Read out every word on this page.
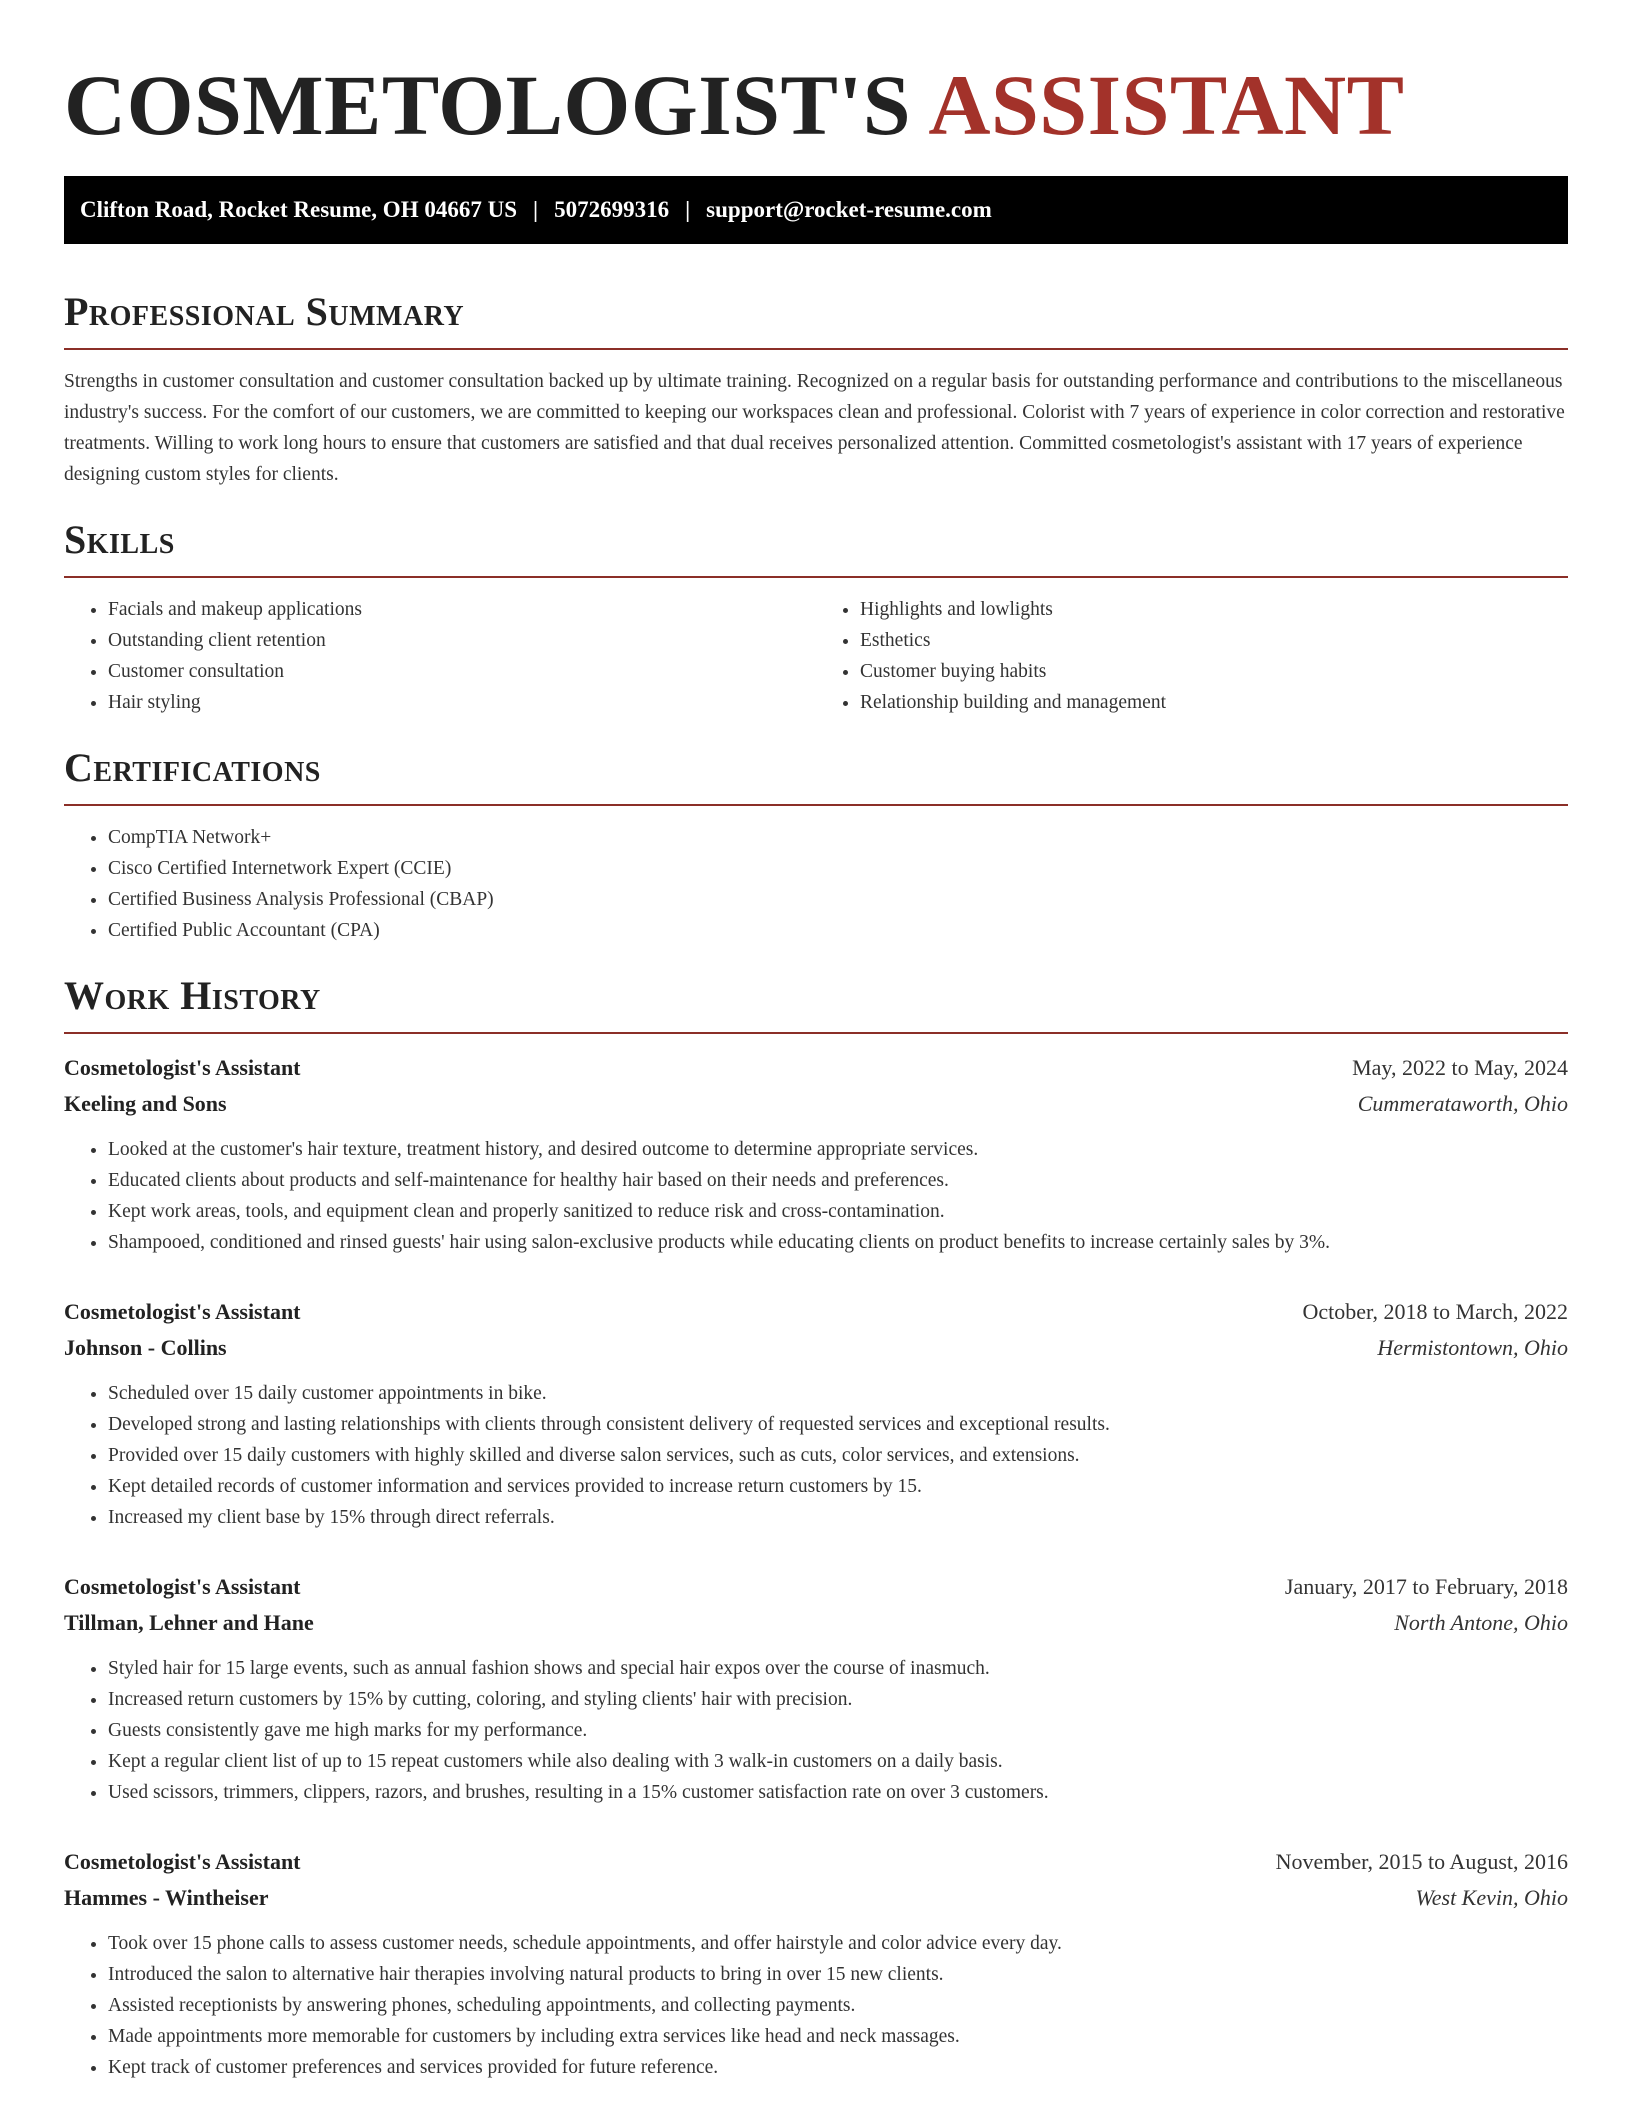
COSMETOLOGIST'S ASSISTANT
Clifton Road, Rocket Resume, OH 04667 US | 5072699316 | support@rocket-resume.com
Professional Summary

Strengths in customer consultation and customer consultation backed up by ultimate training. Recognized on a regular basis for outstanding performance and contributions to the miscellaneous industry's success. For the comfort of our customers, we are committed to keeping our workspaces clean and professional. Colorist with 7 years of experience in color correction and restorative treatments. Willing to work long hours to ensure that customers are satisfied and that dual receives personalized attention. Committed cosmetologist's assistant with 17 years of experience designing custom styles for clients.

Skills
• Facials and makeup applications
• Outstanding client retention
• Customer consultation
• Hair styling
• Highlights and lowlights
• Esthetics
• Customer buying habits
• Relationship building and management
Certifications
• CompTIA Network+
• Cisco Certified Internetwork Expert (CCIE)
• Certified Business Analysis Professional (CBAP)
• Certified Public Accountant (CPA)
Work History
Cosmetologist's Assistant	May, 2022 to May, 2024
Keeling and Sons	Cummerataworth, Ohio
• Looked at the customer's hair texture, treatment history, and desired outcome to determine appropriate services.
• Educated clients about products and self-maintenance for healthy hair based on their needs and preferences.
• Kept work areas, tools, and equipment clean and properly sanitized to reduce risk and cross-contamination.
• Shampooed, conditioned and rinsed guests' hair using salon-exclusive products while educating clients on product benefits to increase certainly sales by 3%.
Cosmetologist's Assistant	October, 2018 to March, 2022
Johnson - Collins	Hermistontown, Ohio
• Scheduled over 15 daily customer appointments in bike.
• Developed strong and lasting relationships with clients through consistent delivery of requested services and exceptional results.
• Provided over 15 daily customers with highly skilled and diverse salon services, such as cuts, color services, and extensions.
• Kept detailed records of customer information and services provided to increase return customers by 15.
• Increased my client base by 15% through direct referrals.
Cosmetologist's Assistant	January, 2017 to February, 2018
Tillman, Lehner and Hane	North Antone, Ohio
• Styled hair for 15 large events, such as annual fashion shows and special hair expos over the course of inasmuch.
• Increased return customers by 15% by cutting, coloring, and styling clients' hair with precision.
• Guests consistently gave me high marks for my performance.
• Kept a regular client list of up to 15 repeat customers while also dealing with 3 walk-in customers on a daily basis.
• Used scissors, trimmers, clippers, razors, and brushes, resulting in a 15% customer satisfaction rate on over 3 customers.
Cosmetologist's Assistant	November, 2015 to August, 2016
Hammes - Wintheiser	West Kevin, Ohio
• Took over 15 phone calls to assess customer needs, schedule appointments, and offer hairstyle and color advice every day.
• Introduced the salon to alternative hair therapies involving natural products to bring in over 15 new clients.
• Assisted receptionists by answering phones, scheduling appointments, and collecting payments.
• Made appointments more memorable for customers by including extra services like head and neck massages.
• Kept track of customer preferences and services provided for future reference.
